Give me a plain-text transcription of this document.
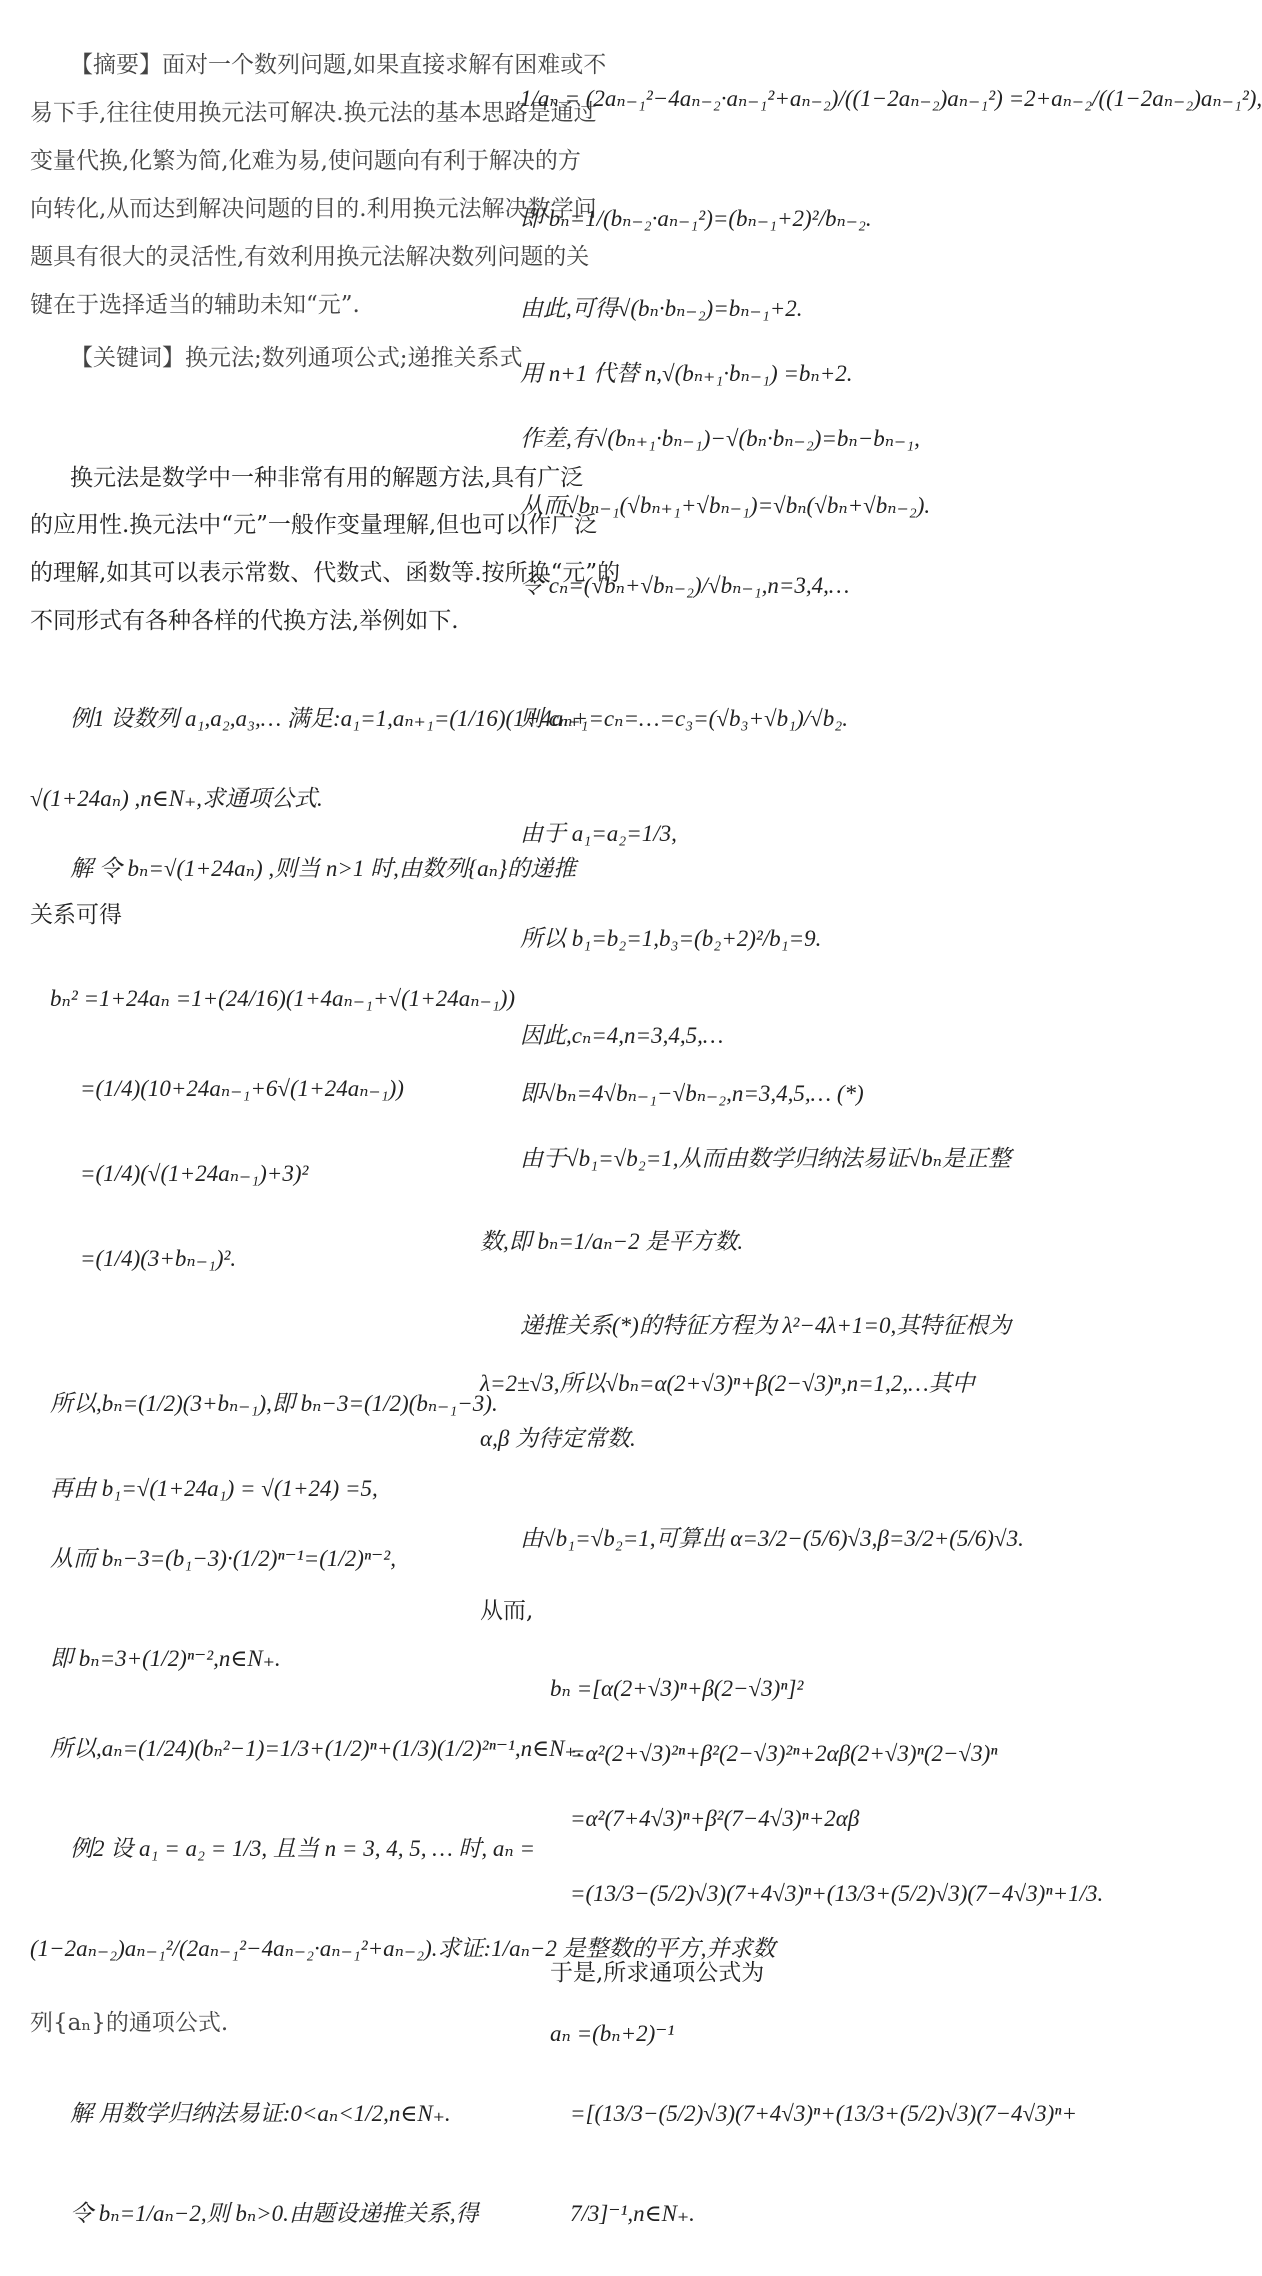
【摘要】面对一个数列问题,如果直接求解有困难或不
易下手,往往使用换元法可解决.换元法的基本思路是通过
变量代换,化繁为简,化难为易,使问题向有利于解决的方
向转化,从而达到解决问题的目的.利用换元法解决数学问
题具有很大的灵活性,有效利用换元法解决数列问题的关
键在于选择适当的辅助未知“元”.
【关键词】换元法;数列通项公式;递推关系式
换元法是数学中一种非常有用的解题方法,具有广泛
的应用性.换元法中“元”一般作变量理解,但也可以作广泛
的理解,如其可以表示常数、代数式、函数等.按所换“元”的
不同形式有各种各样的代换方法,举例如下.
例1 设数列 a₁,a₂,a₃,… 满足:a₁=1,aₙ₊₁=(1/16)(1+4aₙ+
√(1+24aₙ) ,n∈N₊,求通项公式.
解 令 bₙ=√(1+24aₙ) ,则当 n>1 时,由数列{aₙ}的递推
关系可得
bₙ² =1+24aₙ =1+(24/16)(1+4aₙ₋₁+√(1+24aₙ₋₁))
=(1/4)(10+24aₙ₋₁+6√(1+24aₙ₋₁))
=(1/4)(√(1+24aₙ₋₁)+3)²
=(1/4)(3+bₙ₋₁)².
所以,bₙ=(1/2)(3+bₙ₋₁),即 bₙ−3=(1/2)(bₙ₋₁−3).
再由 b₁=√(1+24a₁) = √(1+24) =5,
从而 bₙ−3=(b₁−3)·(1/2)ⁿ⁻¹=(1/2)ⁿ⁻²,
即 bₙ=3+(1/2)ⁿ⁻²,n∈N₊.
所以,aₙ=(1/24)(bₙ²−1)=1/3+(1/2)ⁿ+(1/3)(1/2)²ⁿ⁻¹,n∈N₊.
例2 设 a₁ = a₂ = 1/3, 且当 n = 3, 4, 5, … 时, aₙ =
(1−2aₙ₋₂)aₙ₋₁²/(2aₙ₋₁²−4aₙ₋₂·aₙ₋₁²+aₙ₋₂).求证:1/aₙ−2 是整数的平方,并求数
列{aₙ}的通项公式.
解 用数学归纳法易证:0<aₙ<1/2,n∈N₊.
令 bₙ=1/aₙ−2,则 bₙ>0.由题设递推关系,得
1/aₙ = (2aₙ₋₁²−4aₙ₋₂·aₙ₋₁²+aₙ₋₂)/((1−2aₙ₋₂)aₙ₋₁²) =2+aₙ₋₂/((1−2aₙ₋₂)aₙ₋₁²),
即 bₙ=1/(bₙ₋₂·aₙ₋₁²)=(bₙ₋₁+2)²/bₙ₋₂.
由此,可得√(bₙ·bₙ₋₂)=bₙ₋₁+2.
用 n+1 代替 n,√(bₙ₊₁·bₙ₋₁) =bₙ+2.
作差,有√(bₙ₊₁·bₙ₋₁)−√(bₙ·bₙ₋₂)=bₙ−bₙ₋₁,
从而√bₙ₋₁(√bₙ₊₁+√bₙ₋₁)=√bₙ(√bₙ+√bₙ₋₂).
令 cₙ=(√bₙ+√bₙ₋₂)/√bₙ₋₁,n=3,4,…
则 cₙ₊₁=cₙ=…=c₃=(√b₃+√b₁)/√b₂.
由于 a₁=a₂=1/3,
所以 b₁=b₂=1,b₃=(b₂+2)²/b₁=9.
因此,cₙ=4,n=3,4,5,…
即√bₙ=4√bₙ₋₁−√bₙ₋₂,n=3,4,5,… (*)
由于√b₁=√b₂=1,从而由数学归纳法易证√bₙ是正整
数,即 bₙ=1/aₙ−2 是平方数.
递推关系(*)的特征方程为 λ²−4λ+1=0,其特征根为
λ=2±√3,所以√bₙ=α(2+√3)ⁿ+β(2−√3)ⁿ,n=1,2,…其中
α,β 为待定常数.
由√b₁=√b₂=1,可算出 α=3/2−(5/6)√3,β=3/2+(5/6)√3.
从而,
bₙ =[α(2+√3)ⁿ+β(2−√3)ⁿ]²
=α²(2+√3)²ⁿ+β²(2−√3)²ⁿ+2αβ(2+√3)ⁿ(2−√3)ⁿ
=α²(7+4√3)ⁿ+β²(7−4√3)ⁿ+2αβ
=(13/3−(5/2)√3)(7+4√3)ⁿ+(13/3+(5/2)√3)(7−4√3)ⁿ+1/3.
于是,所求通项公式为
aₙ =(bₙ+2)⁻¹
=[(13/3−(5/2)√3)(7+4√3)ⁿ+(13/3+(5/2)√3)(7−4√3)ⁿ+
7/3]⁻¹,n∈N₊.
